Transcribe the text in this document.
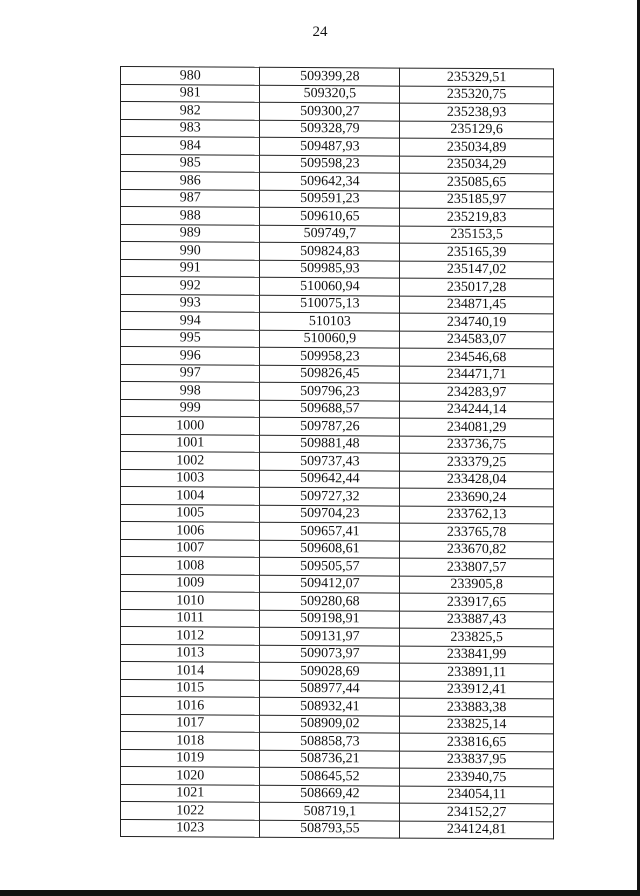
24
980	509399,28	235329,51
981	509320,5	235320,75
982	509300,27	235238,93
983	509328,79	235129,6
984	509487,93	235034,89
985	509598,23	235034,29
986	509642,34	235085,65
987	509591,23	235185,97
988	509610,65	235219,83
989	509749,7	235153,5
990	509824,83	235165,39
991	509985,93	235147,02
992	510060,94	235017,28
993	510075,13	234871,45
994	510103	234740,19
995	510060,9	234583,07
996	509958,23	234546,68
997	509826,45	234471,71
998	509796,23	234283,97
999	509688,57	234244,14
1000	509787,26	234081,29
1001	509881,48	233736,75
1002	509737,43	233379,25
1003	509642,44	233428,04
1004	509727,32	233690,24
1005	509704,23	233762,13
1006	509657,41	233765,78
1007	509608,61	233670,82
1008	509505,57	233807,57
1009	509412,07	233905,8
1010	509280,68	233917,65
1011	509198,91	233887,43
1012	509131,97	233825,5
1013	509073,97	233841,99
1014	509028,69	233891,11
1015	508977,44	233912,41
1016	508932,41	233883,38
1017	508909,02	233825,14
1018	508858,73	233816,65
1019	508736,21	233837,95
1020	508645,52	233940,75
1021	508669,42	234054,11
1022	508719,1	234152,27
1023	508793,55	234124,81
